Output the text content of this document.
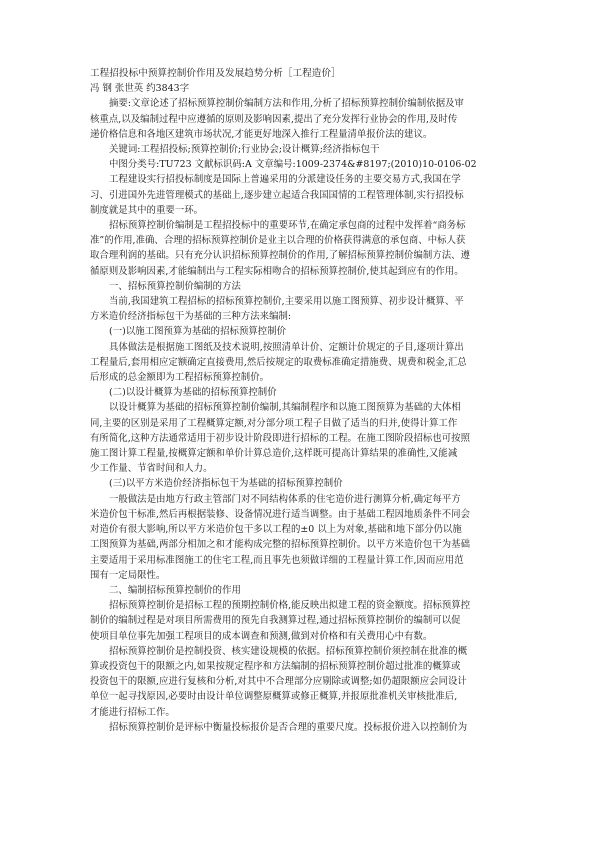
工程招投标中预算控制价作用及发展趋势分析［工程造价］
冯 钢 张世英 约3843字
摘要:文章论述了招标预算控制价编制方法和作用,分析了招标预算控制价编制依据及审
核重点,以及编制过程中应遵循的原则及影响因素,提出了充分发挥行业协会的作用,及时传
递价格信息和各地区建筑市场状况,才能更好地深入推行工程量清单报价法的建议。
关键词:工程招投标;预算控制价;行业协会;设计概算;经济指标包干
中图分类号:TU723 文献标识码:A 文章编号:1009-2374&#8197;(2010)10-0106-02
工程建设实行招投标制度是国际上普遍采用的分派建设任务的主要交易方式,我国在学
习、引进国外先进管理模式的基础上,逐步建立起适合我国国情的工程管理体制,实行招投标
制度就是其中的重要一环。
招标预算控制价编制是工程招投标中的重要环节,在确定承包商的过程中发挥着“商务标
准”的作用,准确、合理的招标预算控制价是业主以合理的价格获得满意的承包商、中标人获
取合理利润的基础。只有充分认识招标预算控制价的作用,了解招标预算控制价编制方法、遵
循原则及影响因素,才能编制出与工程实际相吻合的招标预算控制价,使其起到应有的作用。
一、招标预算控制价编制的方法
当前,我国建筑工程招标的招标预算控制价,主要采用以施工图预算、初步设计概算、平
方米造价经济指标包干为基础的三种方法来编制:
(一)以施工图预算为基础的招标预算控制价
具体做法是根据施工图纸及技术说明,按照清单计价、定额计价规定的子目,逐项计算出
工程量后,套用相应定额确定直接费用,然后按规定的取费标准确定措施费、规费和税金,汇总
后形成的总金额即为工程招标预算控制价。
(二)以设计概算为基础的招标预算控制价
以设计概算为基础的招标预算控制价编制,其编制程序和以施工图预算为基础的大体相
同,主要的区别是采用了工程概算定额,对分部分项工程子目做了适当的归并,使得计算工作
有所简化,这种方法通常适用于初步设计阶段即进行招标的工程。在施工图阶段招标也可按照
施工图计算工程量,按概算定额和单价计算总造价,这样既可提高计算结果的准确性,又能减
少工作量、节省时间和人力。
(三)以平方米造价经济指标包干为基础的招标预算控制价
一般做法是由地方行政主管部门对不同结构体系的住宅造价进行测算分析,确定每平方
米造价包干标准,然后再根据装修、设备情况进行适当调整。由于基础工程因地质条件不同会
对造价有很大影响,所以平方米造价包干多以工程的±0 以上为对象,基础和地下部分仍以施
工图预算为基础,两部分相加之和才能构成完整的招标预算控制价。以平方米造价包干为基础
主要适用于采用标准图施工的住宅工程,而且事先也须做详细的工程量计算工作,因而应用范
围有一定局限性。
二、编制招标预算控制价的作用
招标预算控制价是招标工程的预期控制价格,能反映出拟建工程的资金额度。招标预算控
制价的编制过程是对项目所需费用的预先自我测算过程,通过招标预算控制价的编制可以促
使项目单位事先加强工程项目的成本调查和预测,做到对价格和有关费用心中有数。
招标预算控制价是控制投资、核实建设规模的依据。招标预算控制价须控制在批准的概
算或投资包干的限额之内,如果按规定程序和方法编制的招标预算控制价超过批准的概算或
投资包干的限额,应进行复核和分析,对其中不合理部分应剔除或调整;如仍超限额应会同设计
单位一起寻找原因,必要时由设计单位调整原概算或修正概算,并报原批准机关审核批准后,
才能进行招标工作。
招标预算控制价是评标中衡量投标报价是否合理的重要尺度。投标报价进入以控制价为
